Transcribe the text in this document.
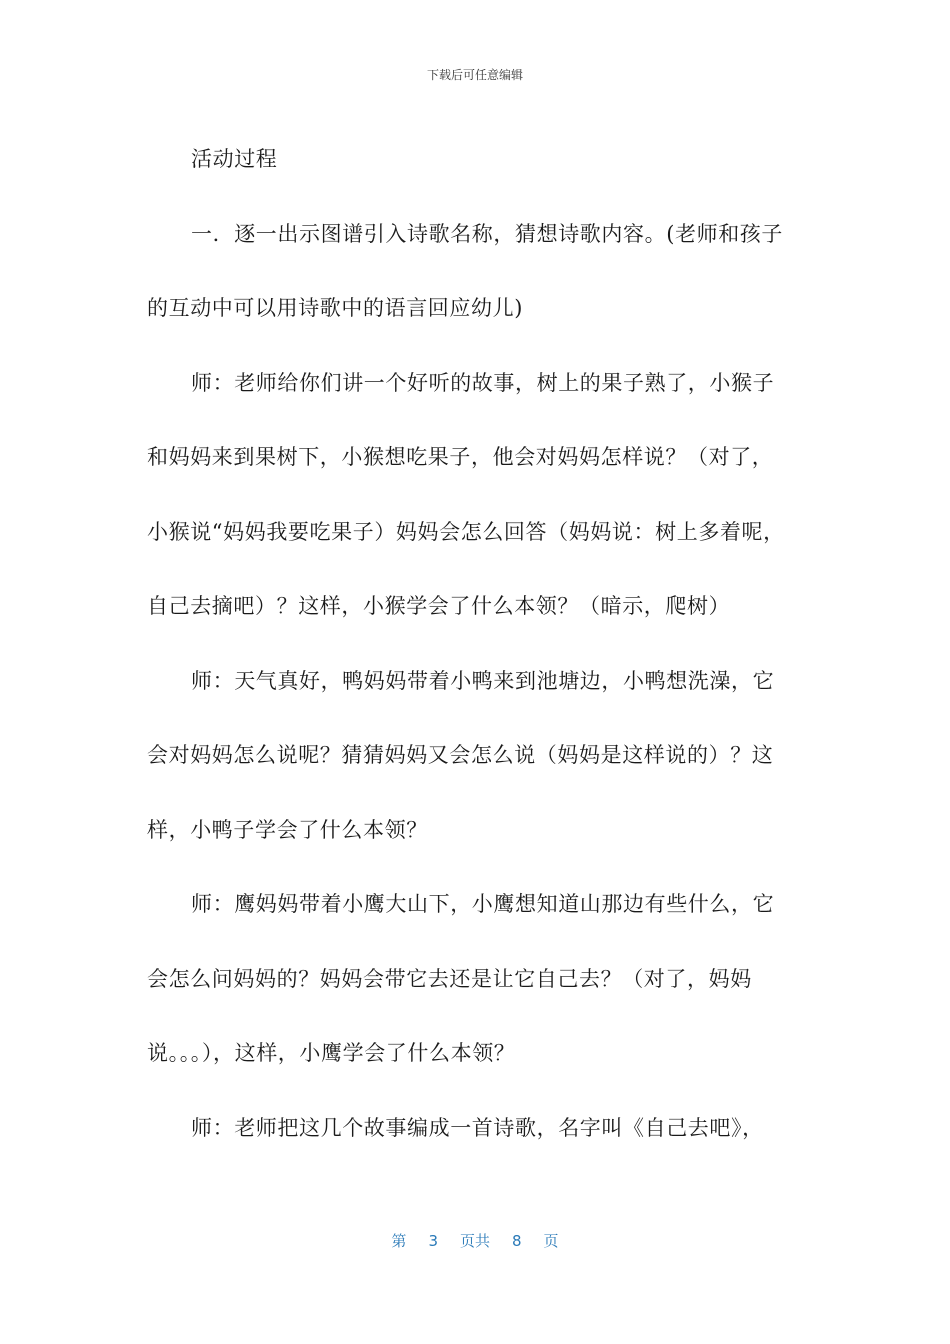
下载后可任意编辑
活动过程
一．逐一出示图谱引入诗歌名称，猜想诗歌内容。(老师和孩子
的互动中可以用诗歌中的语言回应幼儿)
师：老师给你们讲一个好听的故事，树上的果子熟了，小猴子
和妈妈来到果树下，小猴想吃果子，他会对妈妈怎样说？（对了，
小猴说“妈妈我要吃果子）妈妈会怎么回答（妈妈说：树上多着呢，
自己去摘吧）？这样，小猴学会了什么本领？（暗示，爬树）
师：天气真好，鸭妈妈带着小鸭来到池塘边，小鸭想洗澡，它
会对妈妈怎么说呢？猜猜妈妈又会怎么说（妈妈是这样说的）？这
样，小鸭子学会了什么本领？
师：鹰妈妈带着小鹰大山下，小鹰想知道山那边有些什么，它
会怎么问妈妈的？妈妈会带它去还是让它自己去？（对了，妈妈
说。。。），这样，小鹰学会了什么本领？
师：老师把这几个故事编成一首诗歌，名字叫《自己去吧》，
第 3 页共 8 页
